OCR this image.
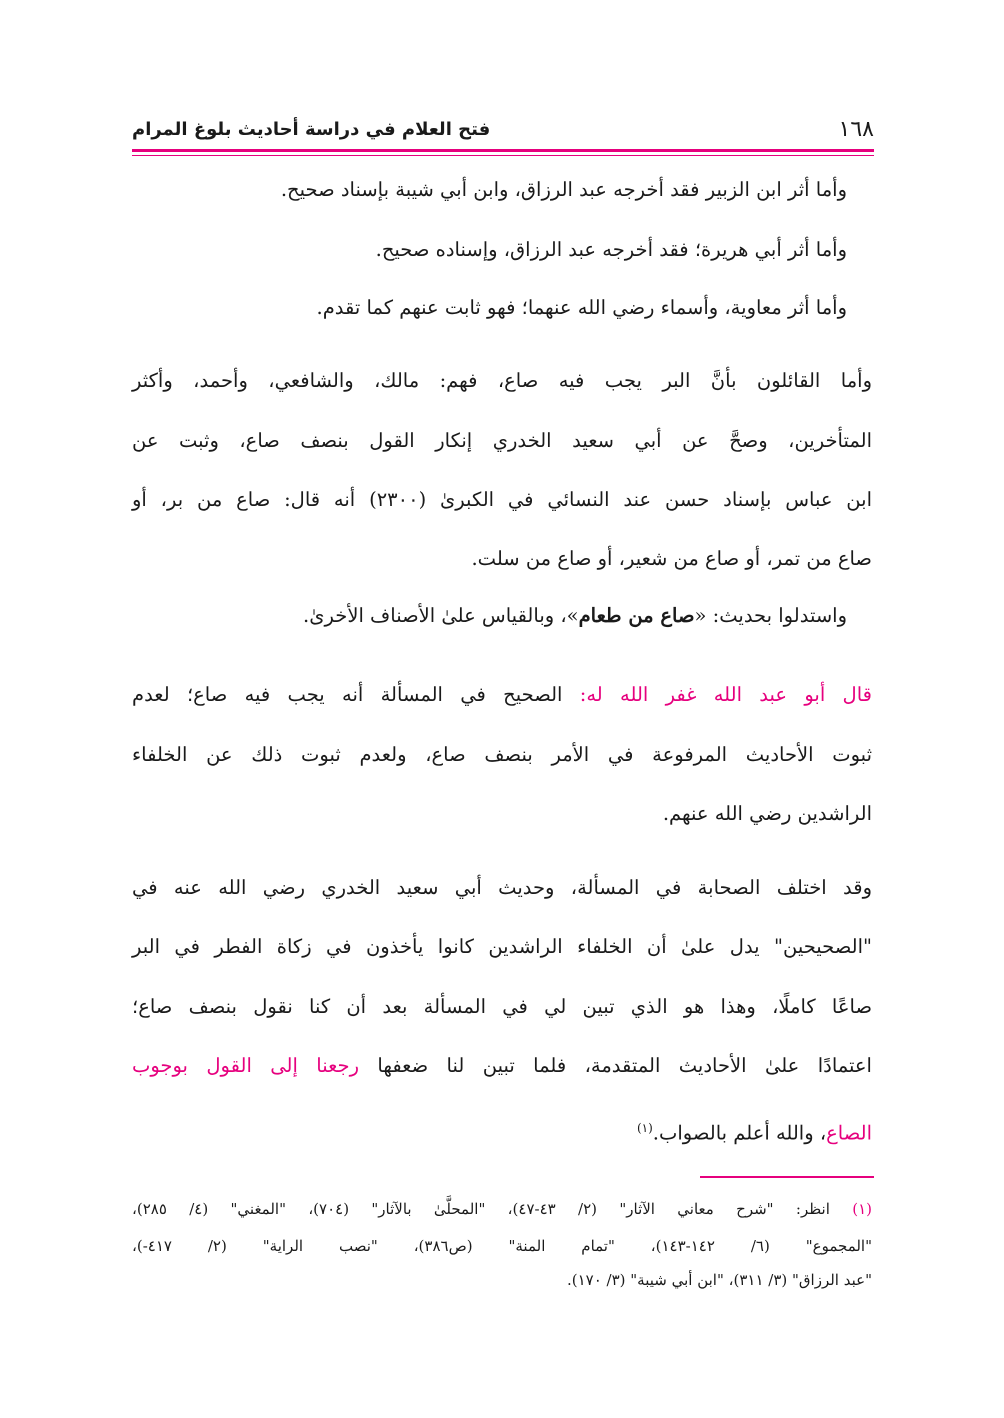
١٦٨
فتح العلام في دراسة أحاديث بلوغ المرام
وأما أثر ابن الزبير فقد أخرجه عبد الرزاق، وابن أبي شيبة بإسناد صحيح.
وأما أثر أبي هريرة؛ فقد أخرجه عبد الرزاق، وإسناده صحيح.
وأما أثر معاوية، وأسماء رضي الله عنهما؛ فهو ثابت عنهم كما تقدم.
وأما القائلون بأنَّ البر يجب فيه صاع، فهم: مالك، والشافعي، وأحمد، وأكثر
المتأخرين، وصحَّ عن أبي سعيد الخدري إنكار القول بنصف صاع، وثبت عن
ابن عباس بإسناد حسن عند النسائي في الكبرىٰ (٢٣٠٠) أنه قال: صاع من بر، أو
صاع من تمر، أو صاع من شعير، أو صاع من سلت.
واستدلوا بحديث: «صاع من طعام»، وبالقياس علىٰ الأصناف الأخرىٰ.
قال أبو عبد الله غفر الله له: الصحيح في المسألة أنه يجب فيه صاع؛ لعدم
ثبوت الأحاديث المرفوعة في الأمر بنصف صاع، ولعدم ثبوت ذلك عن الخلفاء
الراشدين رضي الله عنهم.
وقد اختلف الصحابة في المسألة، وحديث أبي سعيد الخدري رضي الله عنه في
"الصحيحين" يدل علىٰ أن الخلفاء الراشدين كانوا يأخذون في زكاة الفطر في البر
صاعًا كاملًا، وهذا هو الذي تبين لي في المسألة بعد أن كنا نقول بنصف صاع؛
اعتمادًا علىٰ الأحاديث المتقدمة، فلما تبين لنا ضعفها رجعنا إلى القول بوجوب
الصاع، والله أعلم بالصواب.$^{(١)}$
(١) انظر: "شرح معاني الآثار" (٢/ ٤٣-٤٧)، "المحلَّىٰ بالآثار" (٧٠٤)، "المغني" (٤/ ٢٨٥)،
"المجموع" (٦/ ١٤٢-١٤٣)، "تمام المنة" (ص٣٨٦)، "نصب الراية" (٢/ ٤١٧-)،
"عبد الرزاق" (٣/ ٣١١)، "ابن أبي شيبة" (٣/ ١٧٠).
